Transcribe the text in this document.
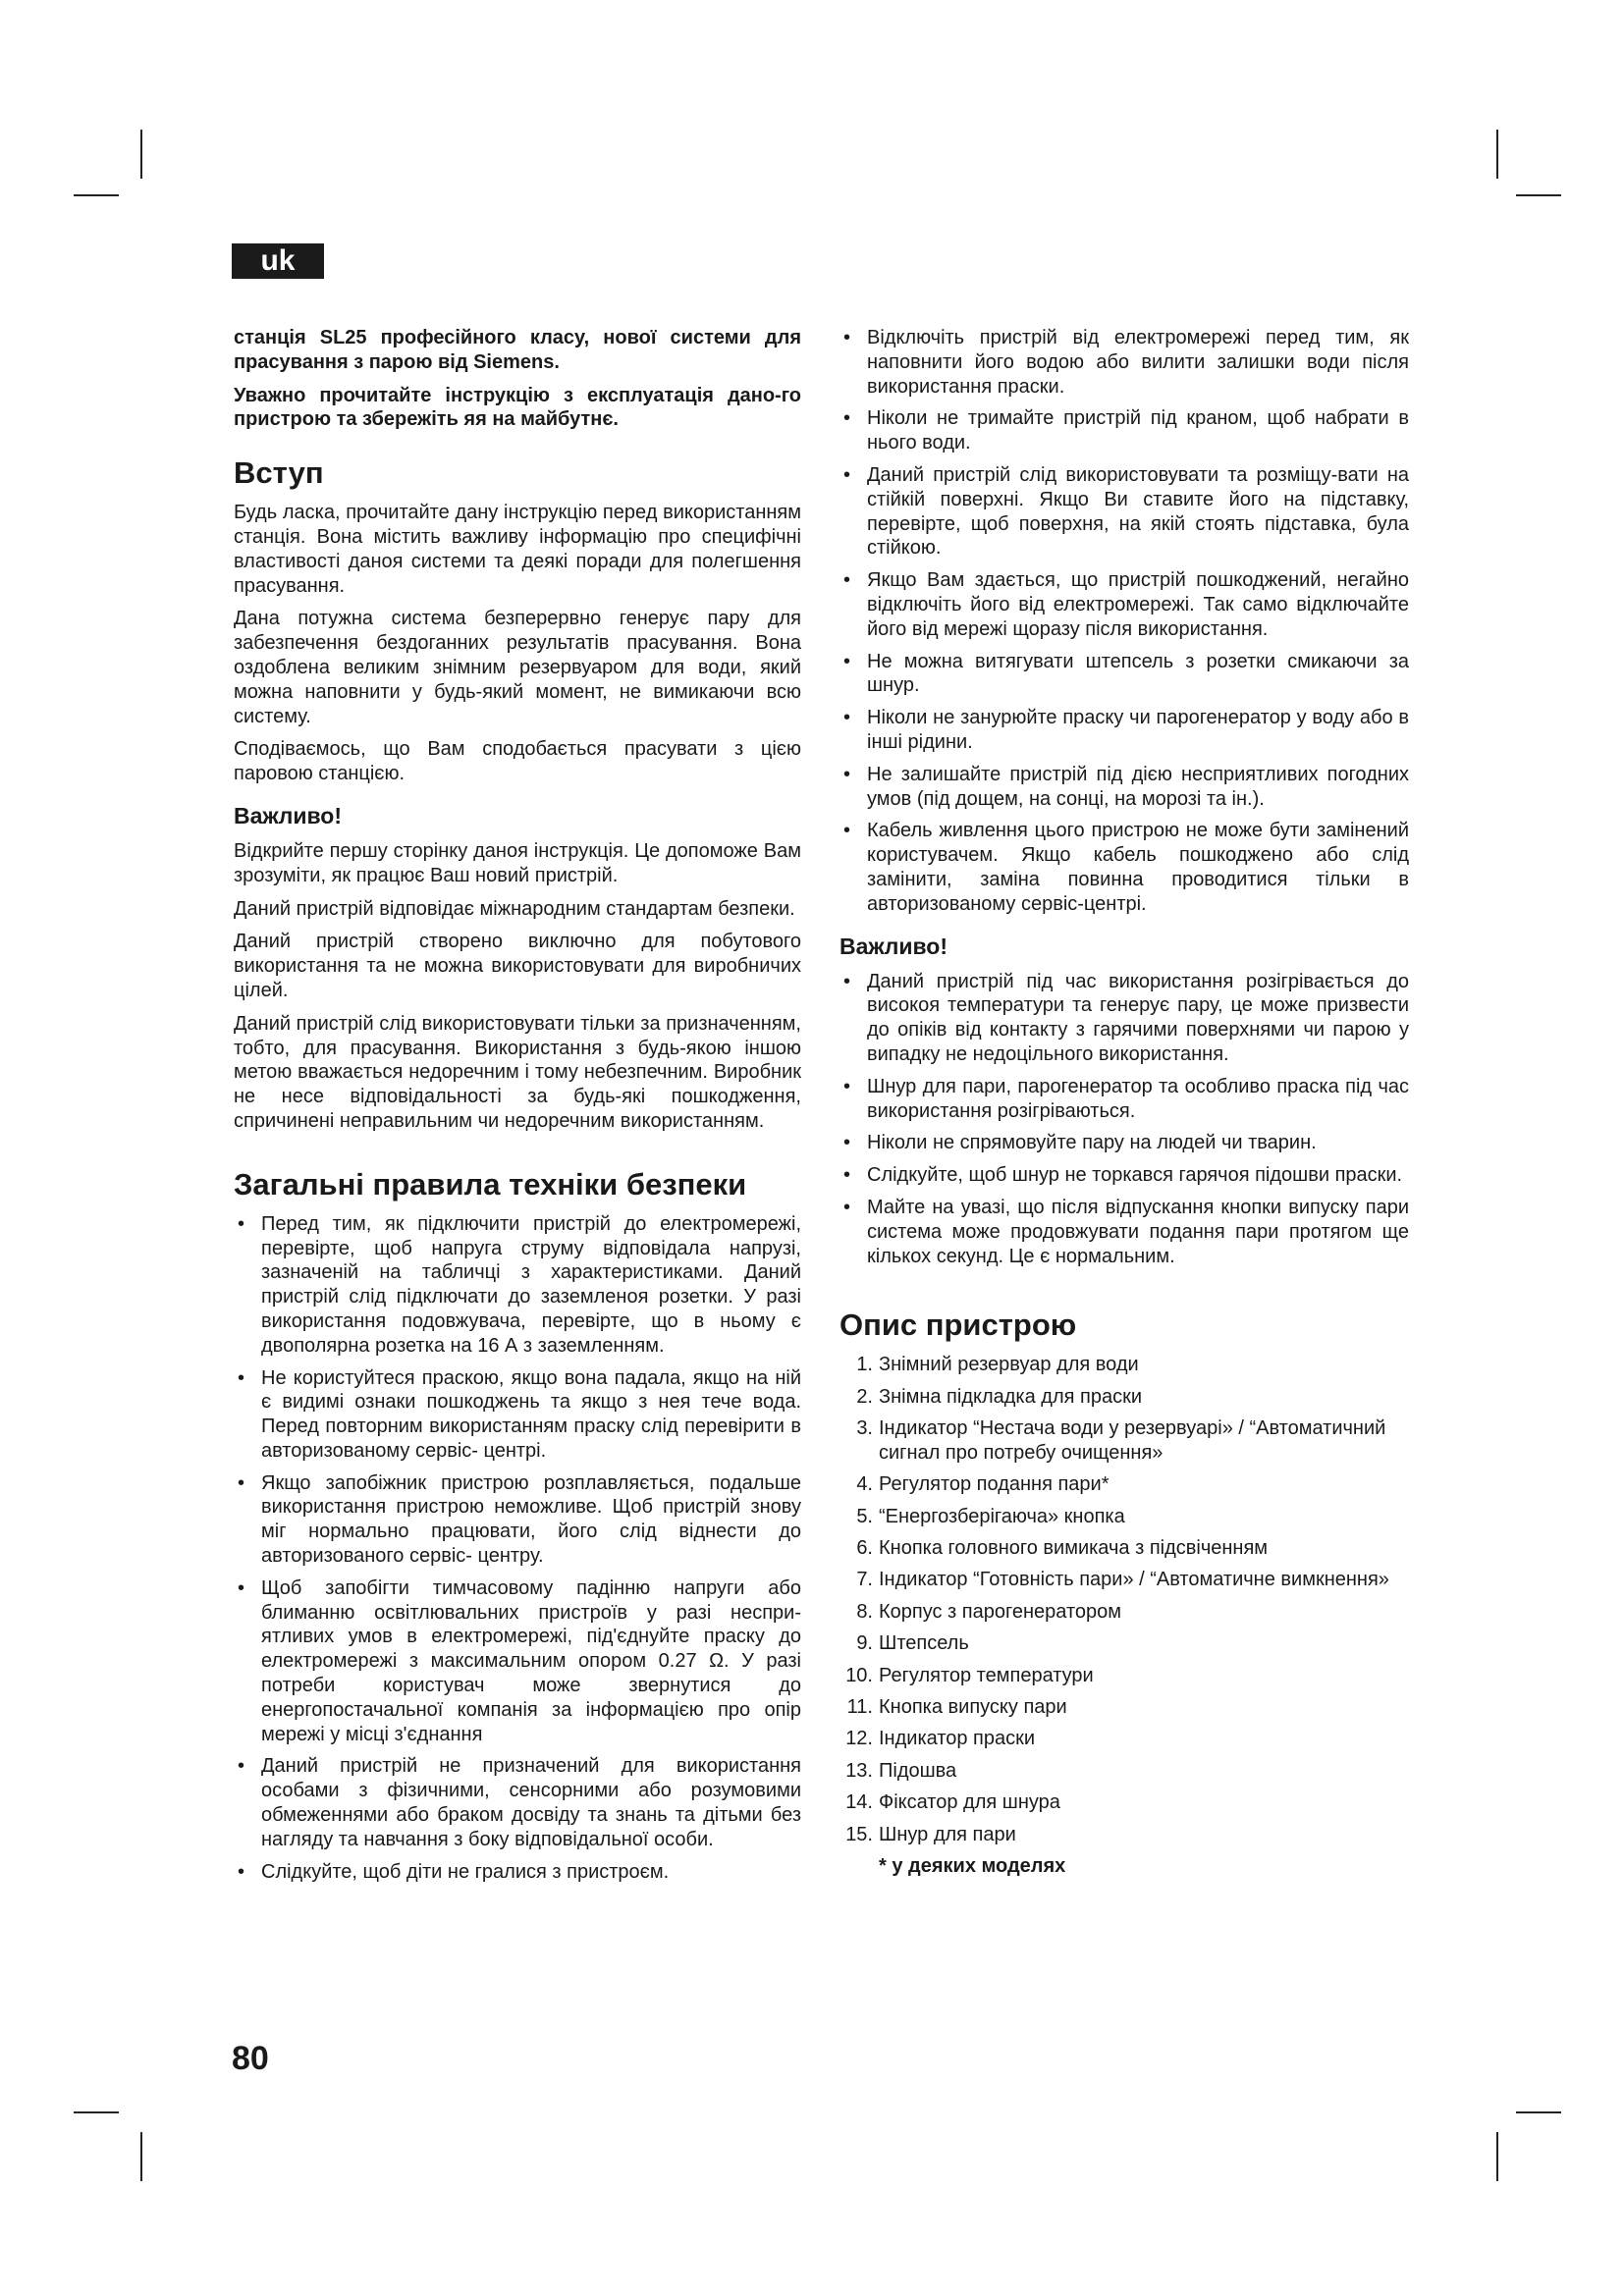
uk

станція SL25 професійного класу, нової системи для прасування з парою від Siemens.

Уважно прочитайте інструкцію з експлуатація дано-го пристрою та збережіть яя на майбутнє.

Вступ

Будь ласка, прочитайте дану інструкцію перед використанням станція. Вона містить важливу інформацію про специфічні властивості даноя системи та деякі поради для полегшення прасування.

Дана потужна система безперервно генерує пару для забезпечення бездоганних результатів прасування. Вона оздоблена великим знімним резервуаром для води, який можна наповнити у будь-який момент, не вимикаючи всю систему.

Сподіваємось, що Вам сподобається прасувати з цією паровою станцією.

Важливо!

Відкрийте першу сторінку даноя інструкція. Це допоможе Вам зрозуміти, як працює Ваш новий пристрій.

Даний пристрій відповідає міжнародним стандартам безпеки.

Даний пристрій створено виключно для побутового використання та не можна використовувати для виробничих цілей.

Даний пристрій слід використовувати тільки за призначенням, тобто, для прасування. Використання з будь-якою іншою метою вважається недоречним і тому небезпечним. Виробник не несе відповідальності за будь-які пошкодження, спричинені неправильним чи недоречним використанням.

Загальні правила техніки безпеки
• Перед тим, як підключити пристрій до електромережі, перевірте, щоб напруга струму відповідала напрузі, зазначеній на табличці з характеристиками. Даний пристрій слід підключати до заземленоя розетки. У разі використання подовжувача, перевірте, що в ньому є двополярна розетка на 16 А з заземленням.
• Не користуйтеся праскою, якщо вона падала, якщо на ній є видимі ознаки пошкоджень та якщо з нея тече вода. Перед повторним використанням праску слід перевірити в авторизованому сервіс- центрі.
• Якщо запобіжник пристрою розплавляється, подальше використання пристрою неможливе. Щоб пристрій знову міг нормально працювати, його слід віднести до авторизованого сервіс- центру.
• Щоб запобігти тимчасовому падінню напруги або блиманню освітлювальних пристроїв у разі неспри-ятливих умов в електромережі, під'єднуйте праску до електромережі з максимальним опором 0.27 Ω. У разі потреби користувач може звернутися до енергопостачальної компанія за інформацією про опір мережі у місці з'єднання
• Даний пристрій не призначений для використання особами з фізичними, сенсорними або розумовими обмеженнями або браком досвіду та знань та дітьми без нагляду та навчання з боку відповідальної особи.
• Слідкуйте, щоб діти не гралися з пристроєм.
• Відключіть пристрій від електромережі перед тим, як наповнити його водою або вилити залишки води після використання праски.
• Ніколи не тримайте пристрій під краном, щоб набрати в нього води.
• Даний пристрій слід використовувати та розміщу-вати на стійкій поверхні. Якщо Ви ставите його на підставку, перевірте, щоб поверхня, на якій стоять підставка, була стійкою.
• Якщо Вам здається, що пристрій пошкоджений, негайно відключіть його від електромережі. Так само відключайте його від мережі щоразу після використання.
• Не можна витягувати штепсель з розетки смикаючи за шнур.
• Ніколи не занурюйте праску чи парогенератор у воду або в інші рідини.
• Не залишайте пристрій під дією несприятливих погодних умов (під дощем, на сонці, на морозі та ін.).
• Кабель живлення цього пристрою не може бути замінений користувачем. Якщо кабель пошкоджено або слід замінити, заміна повинна проводитися тільки в авторизованому сервіс-центрі.
Важливо!
• Даний пристрій під час використання розігрівається до високоя температури та генерує пару, це може призвести до опіків від контакту з гарячими поверхнями чи парою у випадку не недоцільного використання.
• Шнур для пари, парогенератор та особливо праска під час використання розігріваються.
• Ніколи не спрямовуйте пару на людей чи тварин.
• Слідкуйте, щоб шнур не торкався гарячоя підошви праски.
• Майте на увазі, що після відпускання кнопки випуску пари система може продовжувати подання пари протягом ще кількох секунд. Це є нормальним.
Опис пристрою
1. Знімний резервуар для води
2. Знімна підкладка для праски
3. Індикатор “Нестача води у резервуарі» / “Автоматичний сигнал про потребу очищення»
4. Регулятор подання пари*
5. “Енергозберігаюча» кнопка
6. Кнопка головного вимикача з підсвіченням
7. Індикатор “Готовність пари» / “Автоматичне вимкнення»
8. Корпус з парогенератором
9. Штепсель
10. Регулятор температури
11. Кнопка випуску пари
12. Індикатор праски
13. Підошва
14. Фіксатор для шнура
15. Шнур для пари
* у деяких моделях
80
